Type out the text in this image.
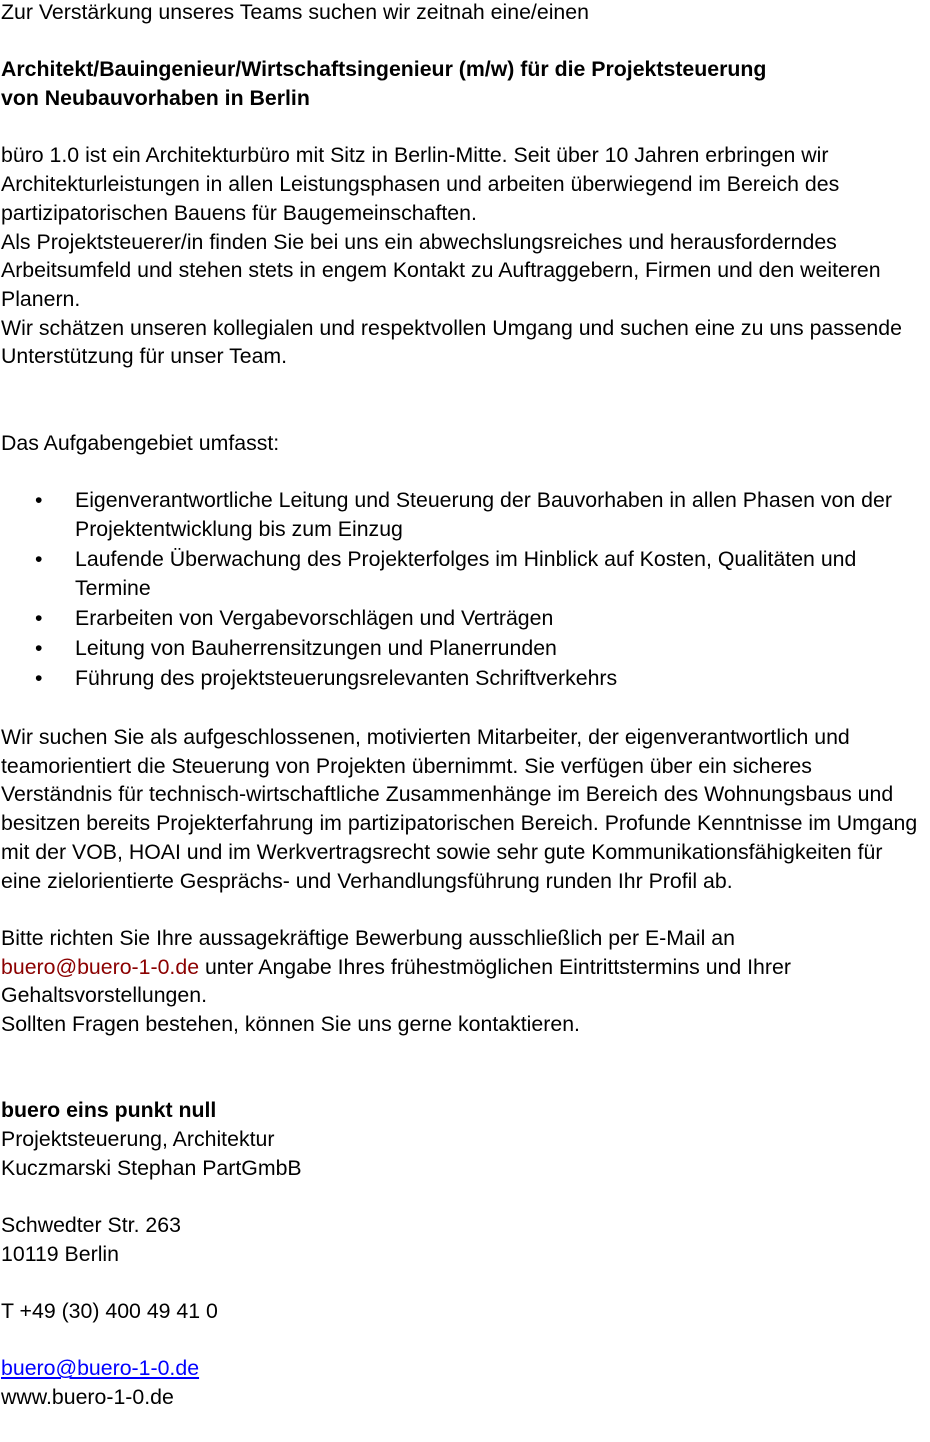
Zur Verstärkung unseres Teams suchen wir zeitnah eine/einen

Architekt/Bauingenieur/Wirtschaftsingenieur (m/w) für die Projektsteuerung
von Neubauvorhaben in Berlin

büro 1.0 ist ein Architekturbüro mit Sitz in Berlin-Mitte. Seit über 10 Jahren erbringen wir Architekturleistungen in allen Leistungsphasen und arbeiten überwiegend im Bereich des partizipatorischen Bauens für Baugemeinschaften.

Als Projektsteuerer/in finden Sie bei uns ein abwechslungsreiches und herausforderndes Arbeitsumfeld und stehen stets in engem Kontakt zu Auftraggebern, Firmen und den weiteren Planern.

Wir schätzen unseren kollegialen und respektvollen Umgang und suchen eine zu uns passende Unterstützung für unser Team.

Das Aufgabengebiet umfasst:

•	Eigenverantwortliche Leitung und Steuerung der Bauvorhaben in allen Phasen von der Projektentwicklung bis zum Einzug
•	Laufende Überwachung des Projekterfolges im Hinblick auf Kosten, Qualitäten und Termine
•	Erarbeiten von Vergabevorschlägen und Verträgen
•	Leitung von Bauherrensitzungen und Planerrunden
•	Führung des projektsteuerungsrelevanten Schriftverkehrs

Wir suchen Sie als aufgeschlossenen, motivierten Mitarbeiter, der eigenverantwortlich und teamorientiert die Steuerung von Projekten übernimmt. Sie verfügen über ein sicheres Verständnis für technisch-wirtschaftliche Zusammenhänge im Bereich des Wohnungsbaus und besitzen bereits Projekterfahrung im partizipatorischen Bereich. Profunde Kenntnisse im Umgang mit der VOB, HOAI und im Werkvertragsrecht sowie sehr gute Kommunikationsfähigkeiten für eine zielorientierte Gesprächs- und Verhandlungsführung runden Ihr Profil ab.

Bitte richten Sie Ihre aussagekräftige Bewerbung ausschließlich per E-Mail an
buero@buero-1-0.de unter Angabe Ihres frühestmöglichen Eintrittstermins und Ihrer Gehaltsvorstellungen.

Sollten Fragen bestehen, können Sie uns gerne kontaktieren.

buero eins punkt null

Projektsteuerung, Architektur

Kuczmarski Stephan PartGmbB

Schwedter Str. 263

10119 Berlin

T +49 (30) 400 49 41 0

buero@buero-1-0.de

www.buero-1-0.de
